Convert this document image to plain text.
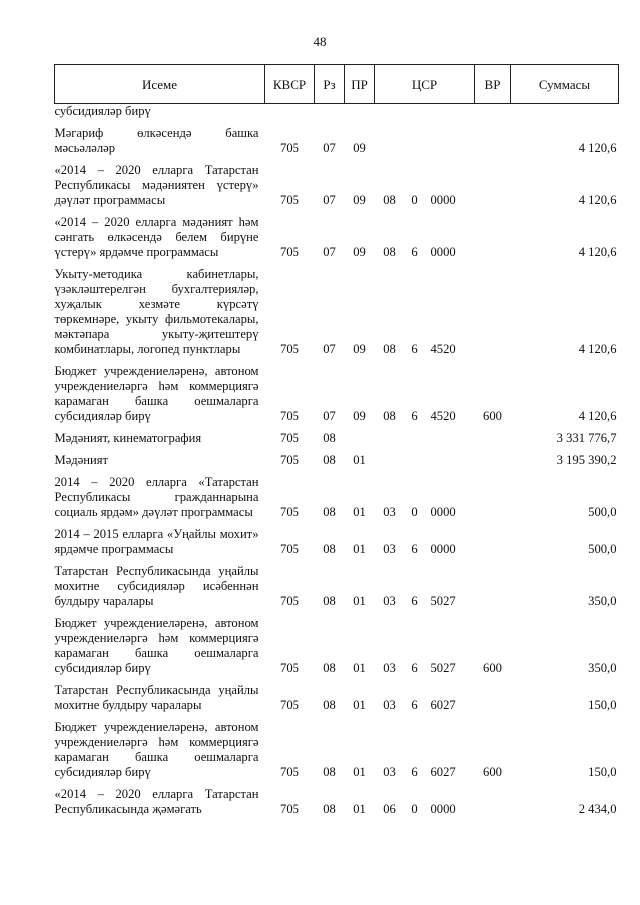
48
Исеме	КВСР	Рз	ПР	ЦСР			ВР	Суммасы
субсидияләр бирү								
Мәгариф өлкәсендә башка мәсьәләләр	705	07	09					4 120,6
«2014 – 2020 елларга Татарстан Республикасы мәдәниятен үстерү» дәүләт программасы	705	07	09	08	0	0000		4 120,6
«2014 – 2020 елларга мәдәният һәм сәнгать өлкәсендә белем бирүне үстерү» ярдәмче программасы	705	07	09	08	6	0000		4 120,6
Укыту-методика кабинетлары, үзәкләштерелгән бухгалтерияләр, хуҗалык хезмәте күрсәтү төркемнәре, укыту фильмотекалары, мәктәпара укыту-җитештерү комбинатлары, логопед пунктлары	705	07	09	08	6	4520		4 120,6
Бюджет учреждениеләренә, автоном учреждениеләргә һәм коммерциягә карамаган башка оешмаларга субсидияләр бирү	705	07	09	08	6	4520	600	4 120,6
Мәдәният, кинематография	705	08						3 331 776,7
Мәдәният	705	08	01					3 195 390,2
2014 – 2020 елларга «Татарстан Республикасы гражданнарына социаль ярдәм» дәүләт программасы	705	08	01	03	0	0000		500,0
2014 – 2015 елларга «Уңайлы мохит» ярдәмче программасы	705	08	01	03	6	0000		500,0
Татарстан Республикасында уңайлы мохитне субсидияләр исәбеннән булдыру чаралары	705	08	01	03	6	5027		350,0
Бюджет учреждениеләренә, автоном учреждениеләргә һәм коммерциягә карамаган башка оешмаларга субсидияләр бирү	705	08	01	03	6	5027	600	350,0
Татарстан Республикасында уңайлы мохитне булдыру чаралары	705	08	01	03	6	6027		150,0
Бюджет учреждениеләренә, автоном учреждениеләргә һәм коммерциягә карамаган башка оешмаларга субсидияләр бирү	705	08	01	03	6	6027	600	150,0
«2014 – 2020 елларга Татарстан Республикасында җәмәгать	705	08	01	06	0	0000		2 434,0
